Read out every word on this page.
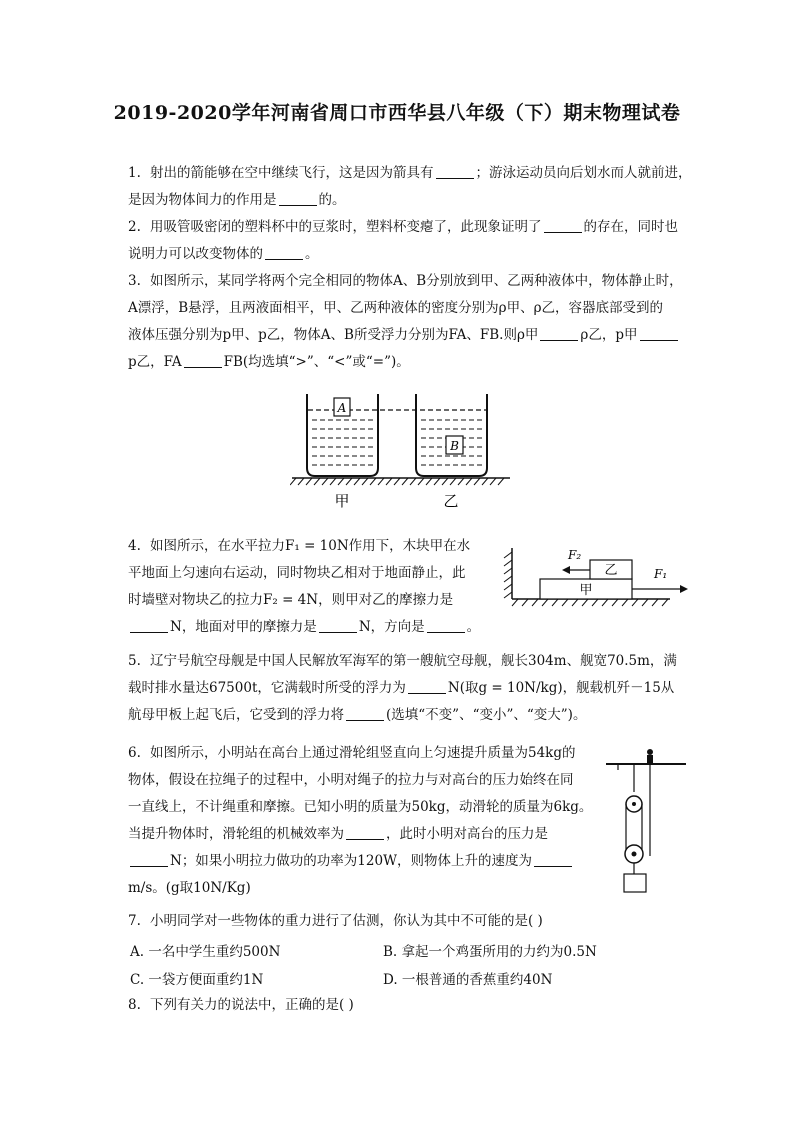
2019-2020学年河南省周口市西华县八年级（下）期末物理试卷
1. 射出的箭能够在空中继续飞行，这是因为箭具有	；游泳运动员向后划水而人就前进，
是因为物体间力的作用是	的。
2. 用吸管吸密闭的塑料杯中的豆浆时，塑料杯变瘪了，此现象证明了	的存在，同时也
说明力可以改变物体的	。
3. 如图所示，某同学将两个完全相同的物体A、B分别放到甲、乙两种液体中，物体静止时，
A漂浮，B悬浮，且两液面相平，甲、乙两种液体的密度分别为ρ甲、ρ乙，容器底部受到的
液体压强分别为p甲、p乙，物体A、B所受浮力分别为FA、FB.则ρ甲	ρ乙，p甲
p乙，FA	FB(均选填“>”、“<”或“=”)。
A
B
甲	乙
4. 如图所示，在水平拉力F₁ = 10N作用下，木块甲在水
平地面上匀速向右运动，同时物块乙相对于地面静止，此
时墙壁对物块乙的拉力F₂ = 4N，则甲对乙的摩擦力是
N，地面对甲的摩擦力是	N，方向是	。
甲
乙
F₂
F₁
5. 辽宁号航空母舰是中国人民解放军海军的第一艘航空母舰，舰长304m、舰宽70.5m，满
载时排水量达67500t，它满载时所受的浮力为	N(取g = 10N/kg)，舰载机歼－15从
航母甲板上起飞后，它受到的浮力将	(选填“不变”、“变小”、“变大”)。
6. 如图所示，小明站在高台上通过滑轮组竖直向上匀速提升质量为54kg的
物体，假设在拉绳子的过程中，小明对绳子的拉力与对高台的压力始终在同
一直线上，不计绳重和摩擦。已知小明的质量为50kg，动滑轮的质量为6kg。
当提升物体时，滑轮组的机械效率为	，此时小明对高台的压力是
N；如果小明拉力做功的功率为120W，则物体上升的速度为
m/s。(g取10N/Kg)
7. 小明同学对一些物体的重力进行了估测，你认为其中不可能的是( )
A. 一名中学生重约500N	B. 拿起一个鸡蛋所用的力约为0.5N
C. 一袋方便面重约1N	D. 一根普通的香蕉重约40N
8. 下列有关力的说法中，正确的是( )
